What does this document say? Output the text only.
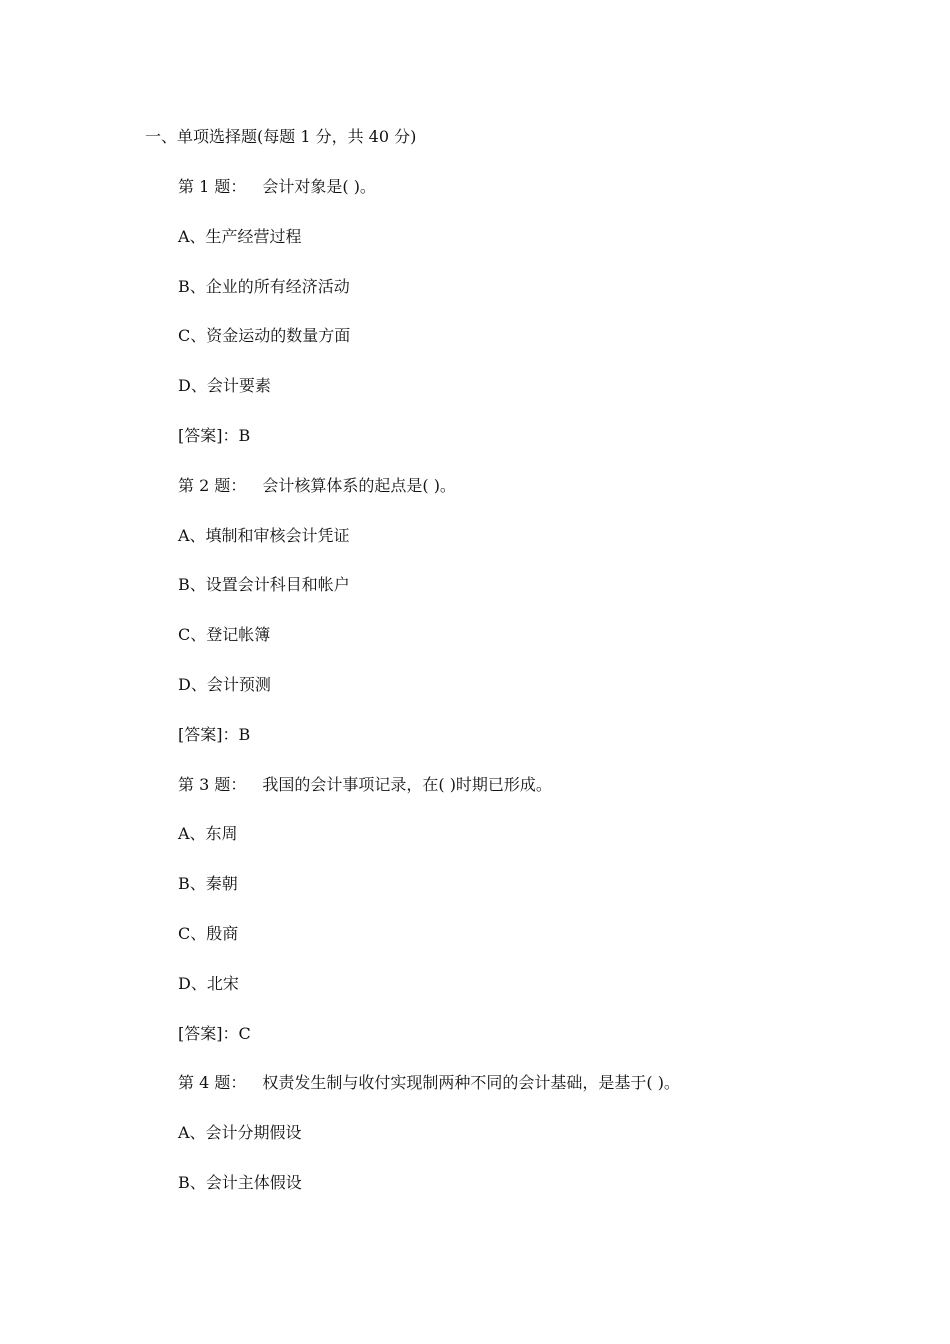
一、单项选择题(每题 1 分，共 40 分)
第 1 题： 会计对象是( )。
A、生产经营过程
B、企业的所有经济活动
C、资金运动的数量方面
D、会计要素
[答案]：B
第 2 题： 会计核算体系的起点是( )。
A、填制和审核会计凭证
B、设置会计科目和帐户
C、登记帐簿
D、会计预测
[答案]：B
第 3 题： 我国的会计事项记录，在( )时期已形成。
A、东周
B、秦朝
C、殷商
D、北宋
[答案]：C
第 4 题： 权责发生制与收付实现制两种不同的会计基础，是基于( )。
A、会计分期假设
B、会计主体假设
